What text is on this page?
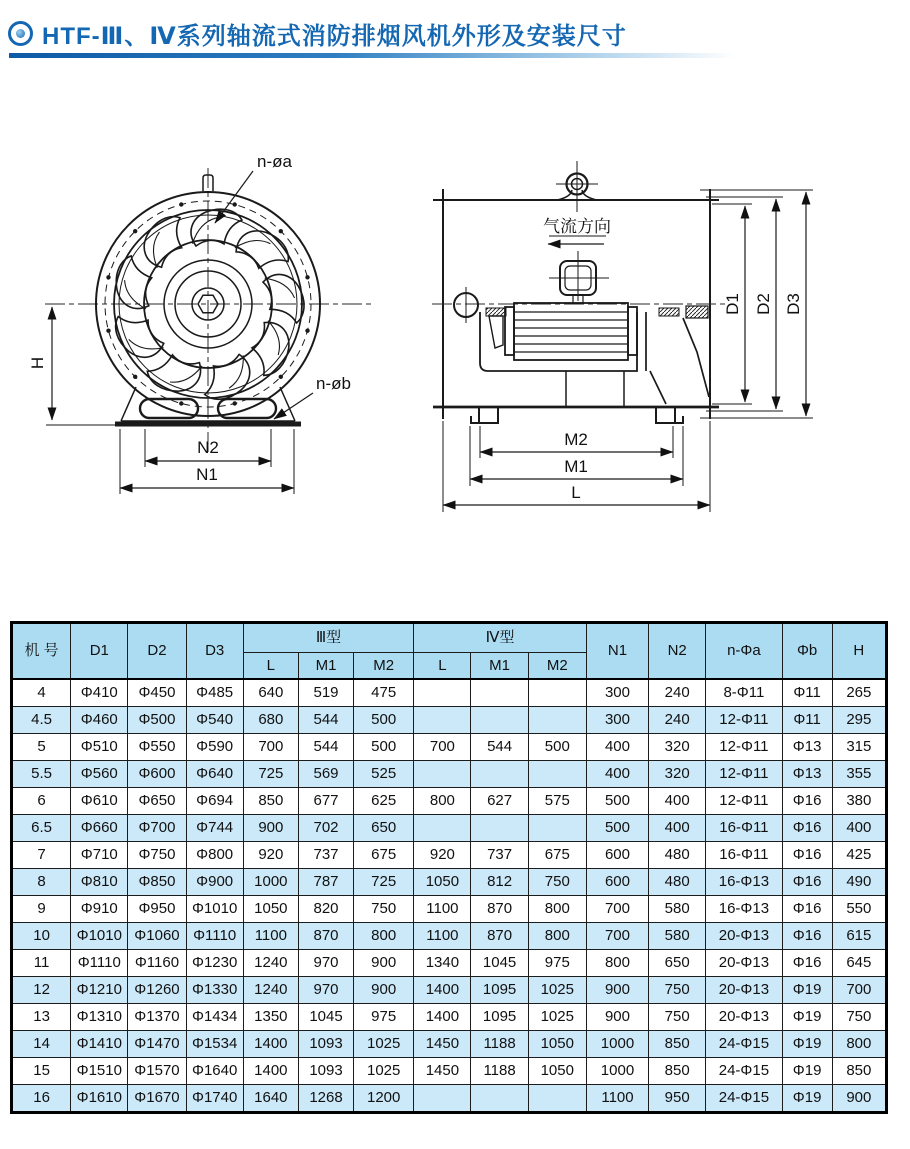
HTF-Ⅲ、Ⅳ系列轴流式消防排烟风机外形及安装尺寸
H
N2
N1
n-øa
n-øb
气流方向
D1 D2 D3
M2
M1
L
机 号	D1	D2	D3	Ⅲ型			Ⅳ型			N1	N2	n-Φa	Φb	H
				L	M1	M2	L	M1	M2					
4	Φ410	Φ450	Φ485	640	519	475				300	240	8-Φ11	Φ11	265
4.5	Φ460	Φ500	Φ540	680	544	500				300	240	12-Φ11	Φ11	295
5	Φ510	Φ550	Φ590	700	544	500	700	544	500	400	320	12-Φ11	Φ13	315
5.5	Φ560	Φ600	Φ640	725	569	525				400	320	12-Φ11	Φ13	355
6	Φ610	Φ650	Φ694	850	677	625	800	627	575	500	400	12-Φ11	Φ16	380
6.5	Φ660	Φ700	Φ744	900	702	650				500	400	16-Φ11	Φ16	400
7	Φ710	Φ750	Φ800	920	737	675	920	737	675	600	480	16-Φ11	Φ16	425
8	Φ810	Φ850	Φ900	1000	787	725	1050	812	750	600	480	16-Φ13	Φ16	490
9	Φ910	Φ950	Φ1010	1050	820	750	1100	870	800	700	580	16-Φ13	Φ16	550
10	Φ1010	Φ1060	Φ1110	1100	870	800	1100	870	800	700	580	20-Φ13	Φ16	615
11	Φ1110	Φ1160	Φ1230	1240	970	900	1340	1045	975	800	650	20-Φ13	Φ16	645
12	Φ1210	Φ1260	Φ1330	1240	970	900	1400	1095	1025	900	750	20-Φ13	Φ19	700
13	Φ1310	Φ1370	Φ1434	1350	1045	975	1400	1095	1025	900	750	20-Φ13	Φ19	750
14	Φ1410	Φ1470	Φ1534	1400	1093	1025	1450	1188	1050	1000	850	24-Φ15	Φ19	800
15	Φ1510	Φ1570	Φ1640	1400	1093	1025	1450	1188	1050	1000	850	24-Φ15	Φ19	850
16	Φ1610	Φ1670	Φ1740	1640	1268	1200				1100	950	24-Φ15	Φ19	900
